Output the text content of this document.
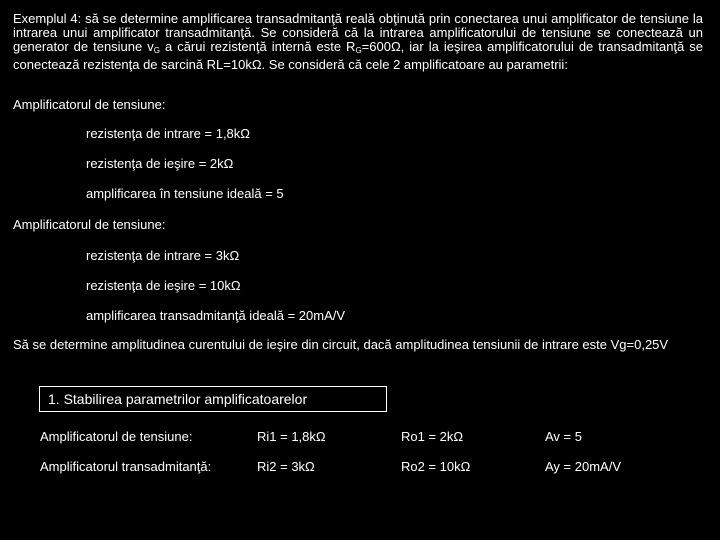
Exemplul 4: să se determine amplificarea transadmitanţă reală obţinută prin conectarea unui amplificator de tensiune la intrarea unui amplificator transadmitanţă. Se consideră că la intrarea amplificatorului de tensiune se conectează un generator de tensiune $v_G$ a cărui rezistenţă internă este $R_G=600\Omega$, iar la ieşirea amplificatorului de transadmitanţă se conectează rezistenţa de sarcină RL=10kΩ. Se consideră că cele 2 amplificatoare au parametrii:

Amplificatorul de tensiune:
rezistenţa de intrare = 1,8kΩ
rezistenţa de ieşire = 2kΩ
amplificarea în tensiune ideală = 5
Amplificatorul de tensiune:
rezistenţa de intrare = 3kΩ
rezistenţa de ieşire = 10kΩ
amplificarea transadmitanţă ideală = 20mA/V
Să se determine amplitudinea curentului de ieşire din circuit, dacă amplitudinea tensiunii de intrare este Vg=0,25V
1. Stabilirea parametrilor amplificatoarelor
Amplificatorul de tensiune:	Ri1 = 1,8kΩ	Ro1 = 2kΩ	Av = 5
Amplificatorul transadmitanţă:	Ri2 = 3kΩ	Ro2 = 10kΩ	Ay = 20mA/V
